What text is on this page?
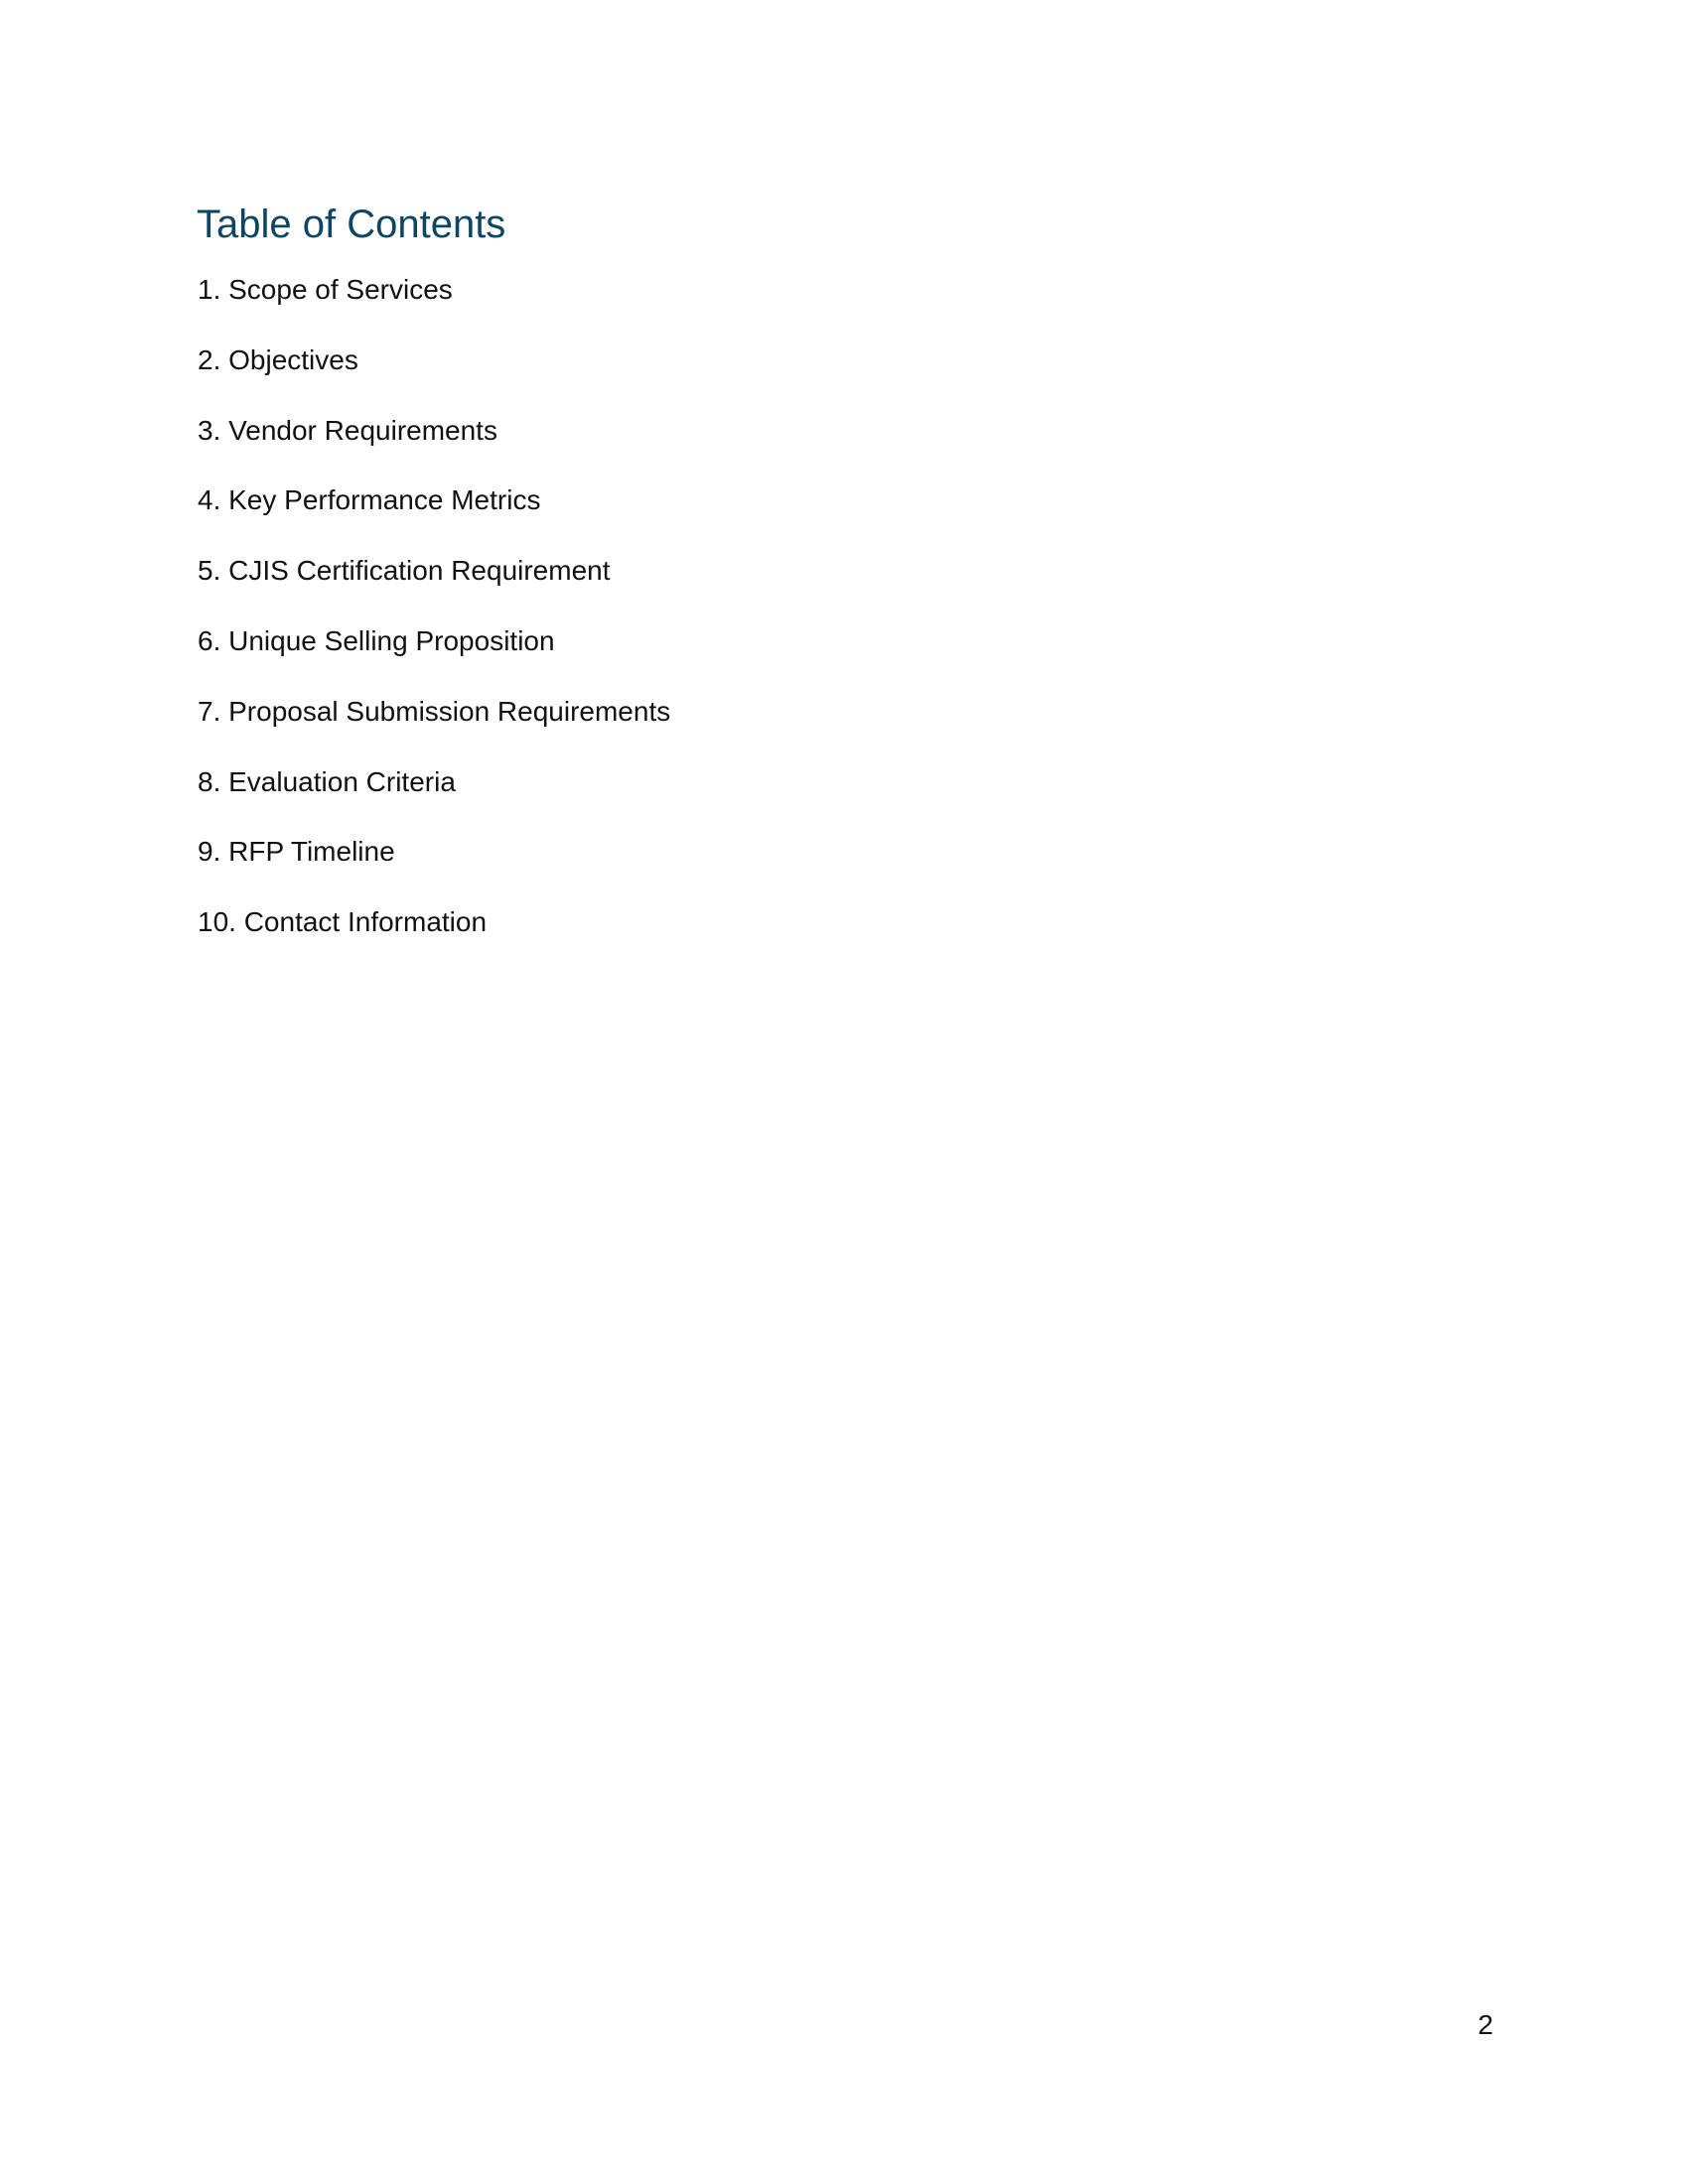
Table of Contents
1. Scope of Services
2. Objectives
3. Vendor Requirements
4. Key Performance Metrics
5. CJIS Certification Requirement
6. Unique Selling Proposition
7. Proposal Submission Requirements
8. Evaluation Criteria
9. RFP Timeline
10. Contact Information
2
